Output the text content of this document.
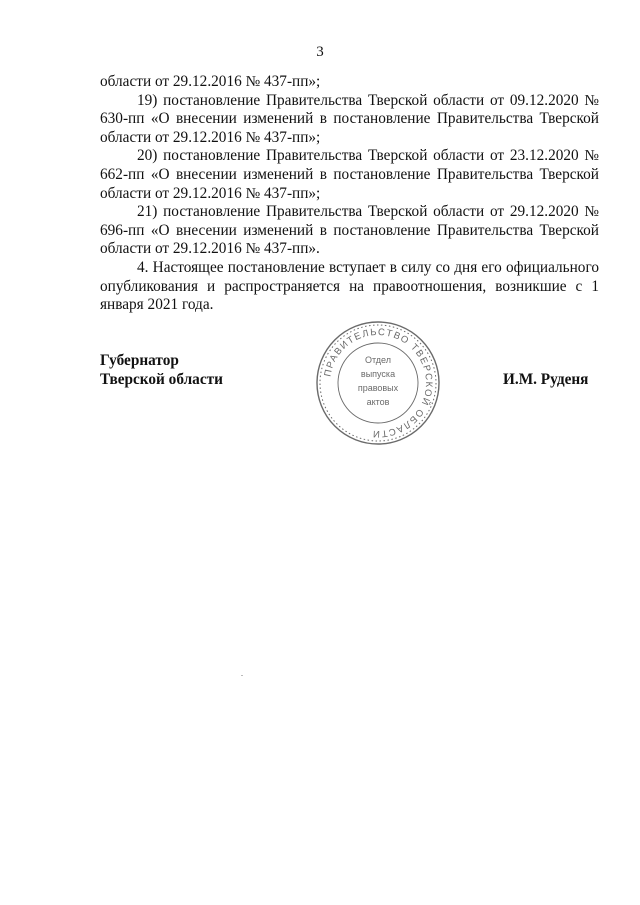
3

области от 29.12.2016 № 437-пп»;

19) постановление Правительства Тверской области от 09.12.2020 № 630-пп «О внесении изменений в постановление Правительства Тверской области от 29.12.2016 № 437-пп»;

20) постановление Правительства Тверской области от 23.12.2020 № 662-пп «О внесении изменений в постановление Правительства Тверской области от 29.12.2016 № 437-пп»;

21) постановление Правительства Тверской области от 29.12.2020 № 696-пп «О внесении изменений в постановление Правительства Тверской области от 29.12.2016 № 437-пп».

4. Настоящее постановление вступает в силу со дня его официального опубликования и распространяется на правоотношения, возникшие с 1 января 2021 года.

Губернатор
Тверской области	И.М. Руденя
ПРАВИТЕЛЬСТВО ТВЕРСКОЙ ОБЛАСТИ
Отдел
выпуска
правовых
актов
